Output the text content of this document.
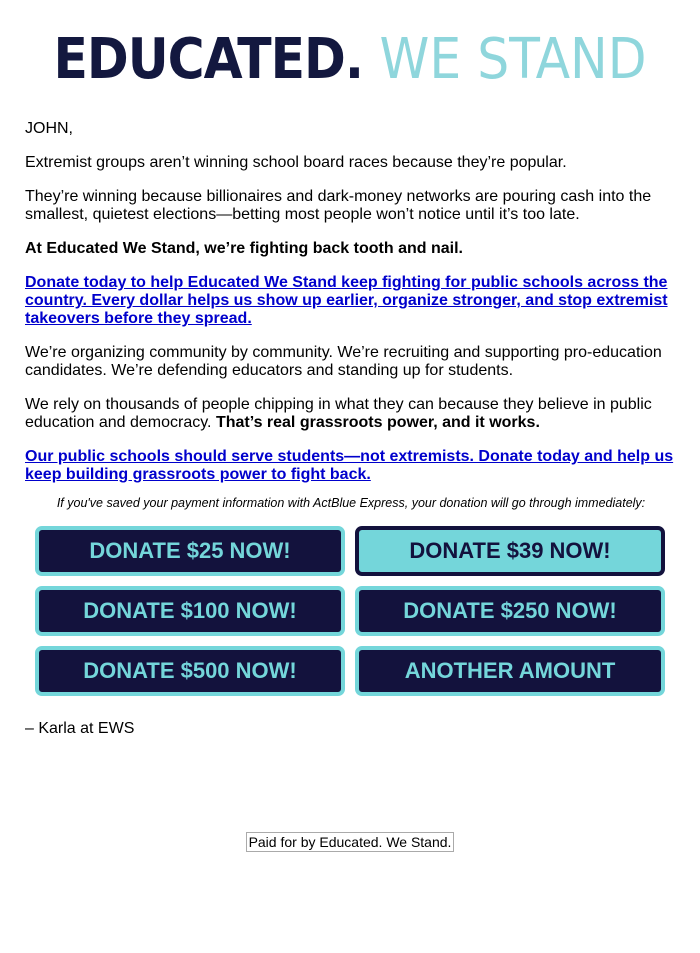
EDUCATED. WE STAND

JOHN,

Extremist groups aren’t winning school board races because they’re popular.

They’re winning because billionaires and dark-money networks are pouring cash into the smallest, quietest elections—betting most people won’t notice until it’s too late.

At Educated We Stand, we’re fighting back tooth and nail.

Donate today to help Educated We Stand keep fighting for public schools across the country. Every dollar helps us show up earlier, organize stronger, and stop extremist takeovers before they spread.

We’re organizing community by community. We’re recruiting and supporting pro-education candidates. We’re defending educators and standing up for students.

We rely on thousands of people chipping in what they can because they believe in public education and democracy. That’s real grassroots power, and it works.

Our public schools should serve students—not extremists. Donate today and help us keep building grassroots power to fight back.

If you've saved your payment information with ActBlue Express, your donation will go through immediately:

DONATE $25 NOW!	DONATE $39 NOW!
DONATE $100 NOW!	DONATE $250 NOW!
DONATE $500 NOW!	ANOTHER AMOUNT

– Karla at EWS

Paid for by Educated. We Stand.
